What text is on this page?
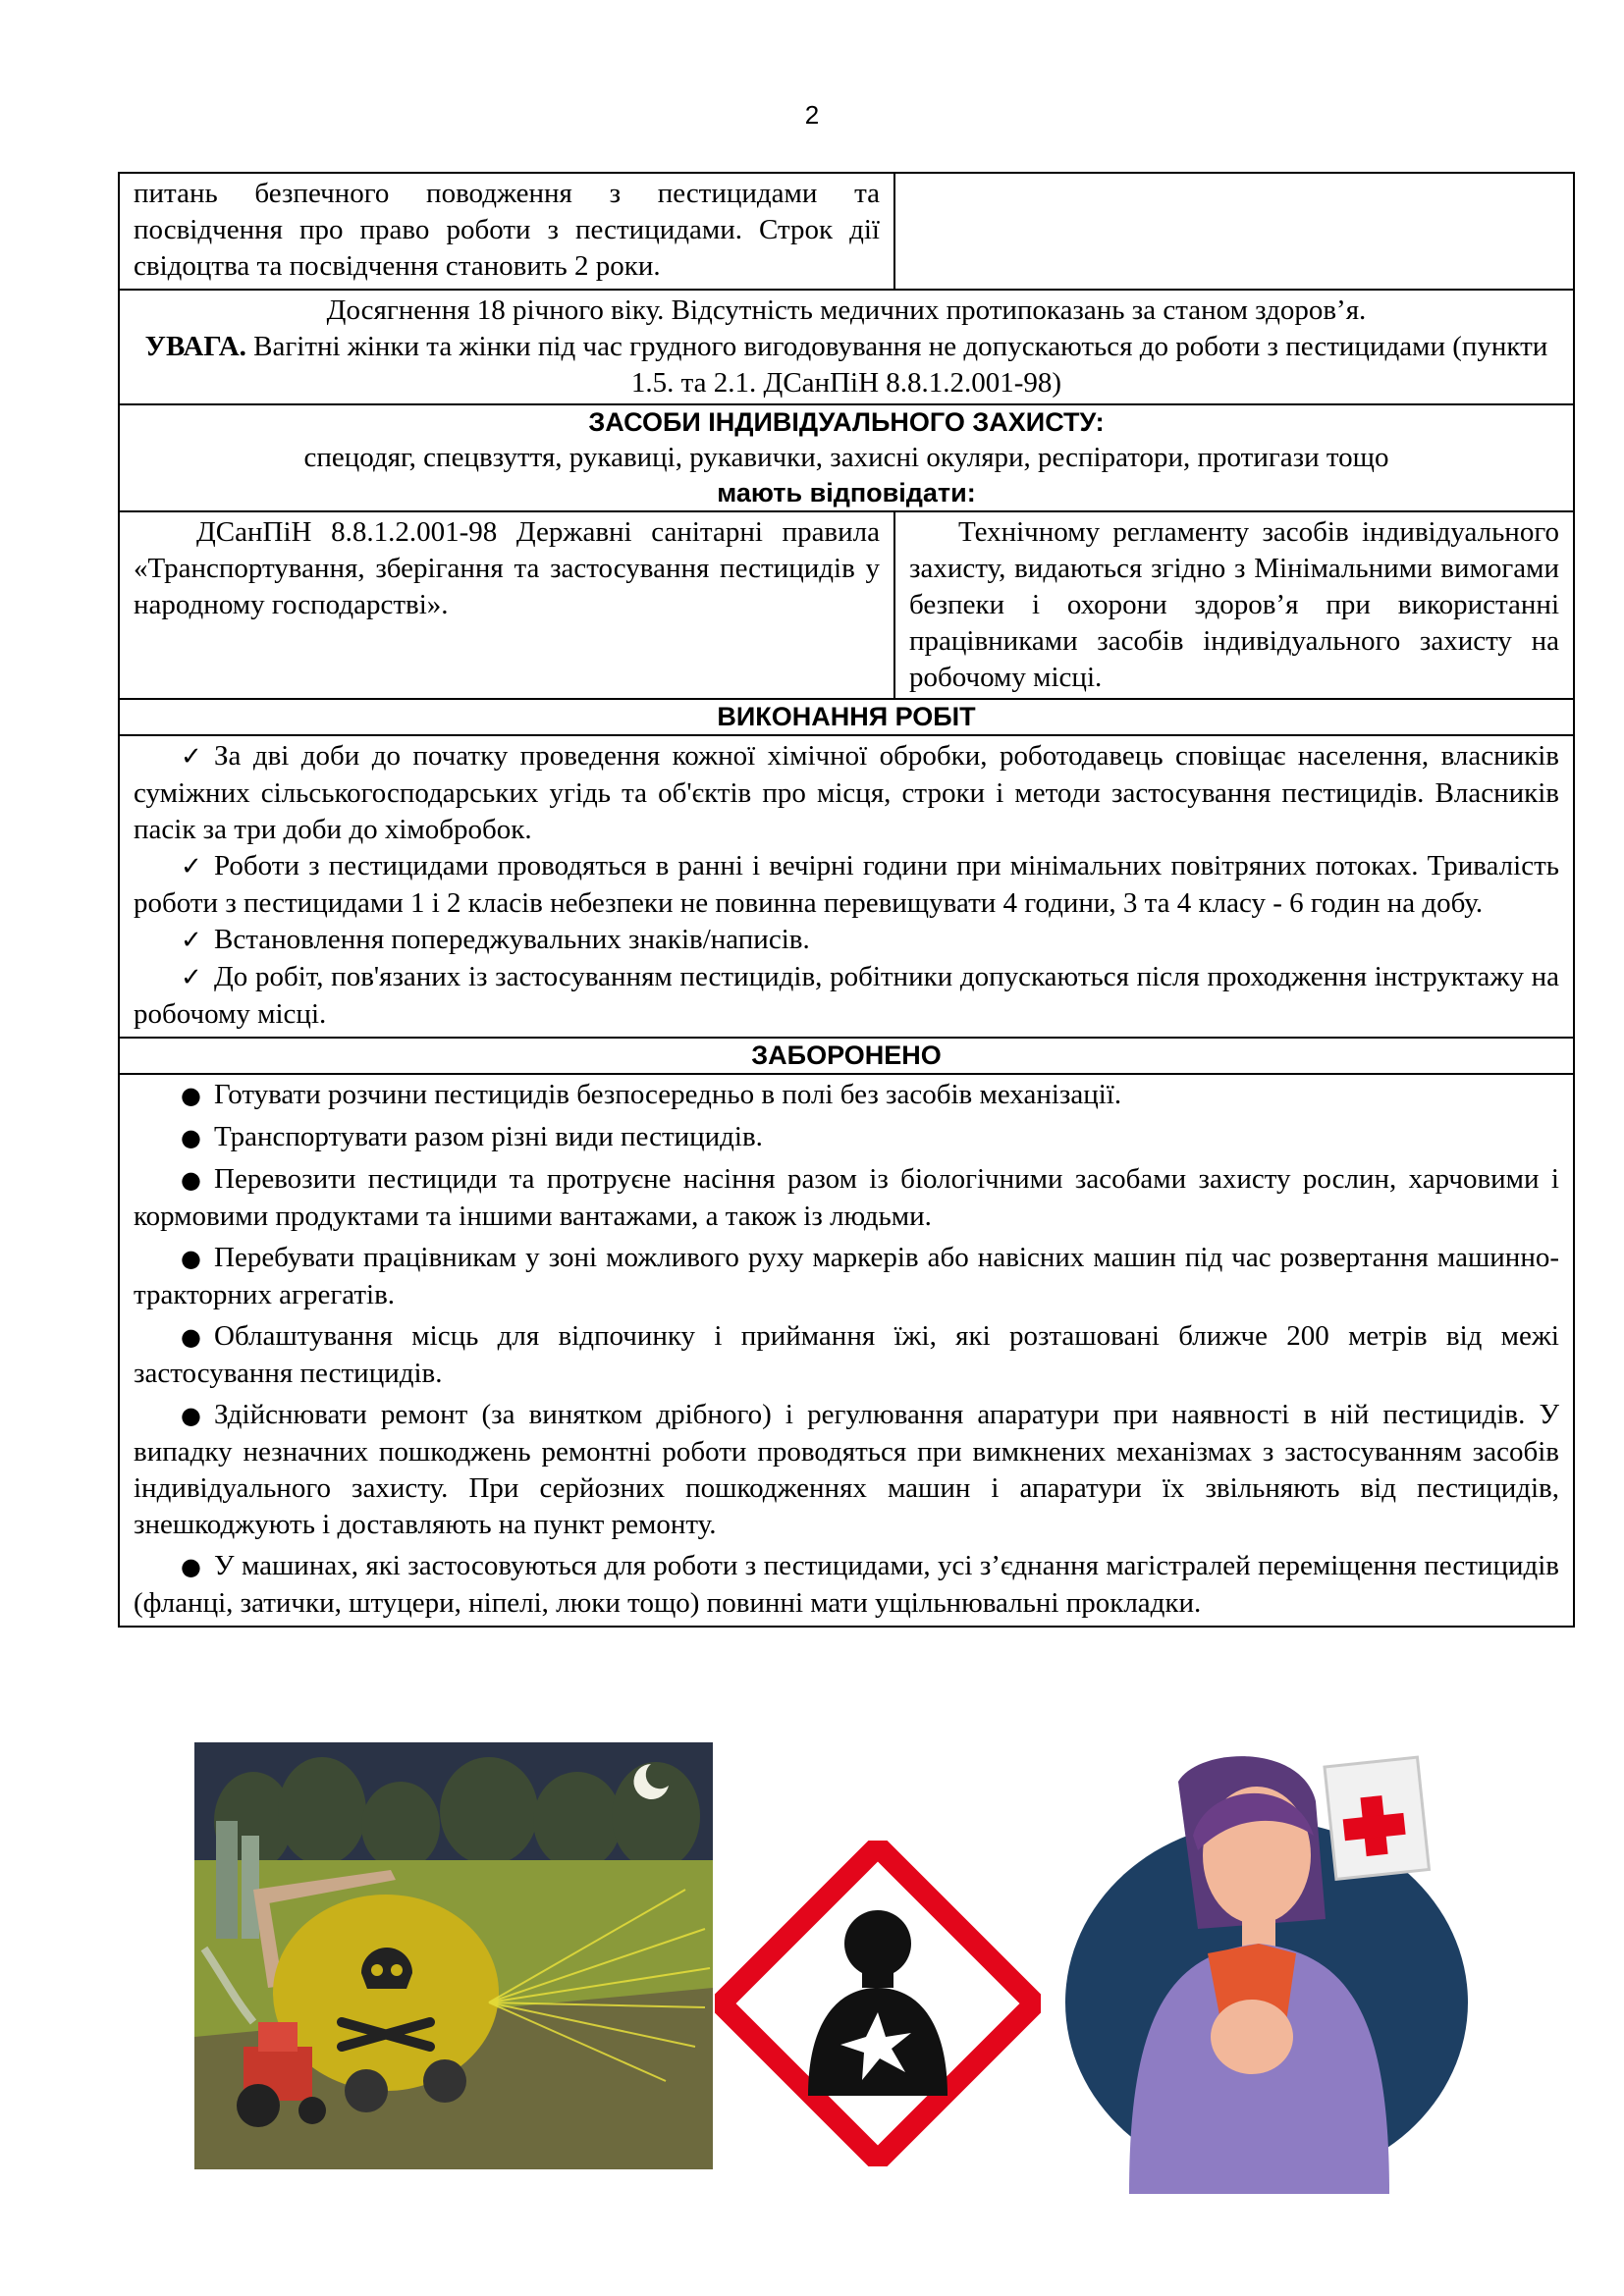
2
питань безпечного поводження з пестицидами та посвідчення про право роботи з пестицидами. Строк дії свідоцтва та посвідчення становить 2 роки.
Досягнення 18 річного віку. Відсутність медичних протипоказань за станом здоров’я.
УВАГА. Вагітні жінки та жінки під час грудного вигодовування не допускаються до роботи з пестицидами (пункти 1.5. та 2.1. ДСанПіН 8.8.1.2.001-98)
ЗАСОБИ ІНДИВІДУАЛЬНОГО ЗАХИСТУ:
спецодяг, спецвзуття, рукавиці, рукавички, захисні окуляри, респіратори, протигази тощо
мають відповідати:
ДСанПіН 8.8.1.2.001-98 Державні санітарні правила «Транспортування, зберігання та застосування пестицидів у народному господарстві».
Технічному регламенту засобів індивідуального захисту, видаються згідно з Мінімальними вимогами безпеки і охорони здоров’я при використанні працівниками засобів індивідуального захисту на робочому місці.
ВИКОНАННЯ РОБІТ
✓ За дві доби до початку проведення кожної хімічної обробки, роботодавець сповіщає населення, власників суміжних сільськогосподарських угідь та об'єктів про місця, строки і методи застосування пестицидів. Власників пасік за три доби до хімобробок.
✓ Роботи з пестицидами проводяться в ранні і вечірні години при мінімальних повітряних потоках. Тривалість роботи з пестицидами 1 і 2 класів небезпеки не повинна перевищувати 4 години, 3 та 4 класу - 6 годин на добу.
✓ Встановлення попереджувальних знаків/написів.
✓ До робіт, пов'язаних із застосуванням пестицидів, робітники допускаються після проходження інструктажу на робочому місці.
ЗАБОРОНЕНО
● Готувати розчини пестицидів безпосередньо в полі без засобів механізації.
● Транспортувати разом різні види пестицидів.
● Перевозити пестициди та протруєне насіння разом із біологічними засобами захисту рослин, харчовими і кормовими продуктами та іншими вантажами, а також із людьми.
● Перебувати працівникам у зоні можливого руху маркерів або навісних машин під час розвертання машинно-тракторних агрегатів.
● Облаштування місць для відпочинку і приймання їжі, які розташовані ближче 200 метрів від межі застосування пестицидів.
● Здійснювати ремонт (за винятком дрібного) і регулювання апаратури при наявності в ній пестицидів. У випадку незначних пошкоджень ремонтні роботи проводяться при вимкнених механізмах з застосуванням засобів індивідуального захисту. При серйозних пошкодженнях машин і апаратури їх звільняють від пестицидів, знешкоджують і доставляють на пункт ремонту.
● У машинах, які застосовуються для роботи з пестицидами, усі з’єднання магістралей переміщення пестицидів (фланці, затички, штуцери, ніпелі, люки тощо) повинні мати ущільнювальні прокладки.
